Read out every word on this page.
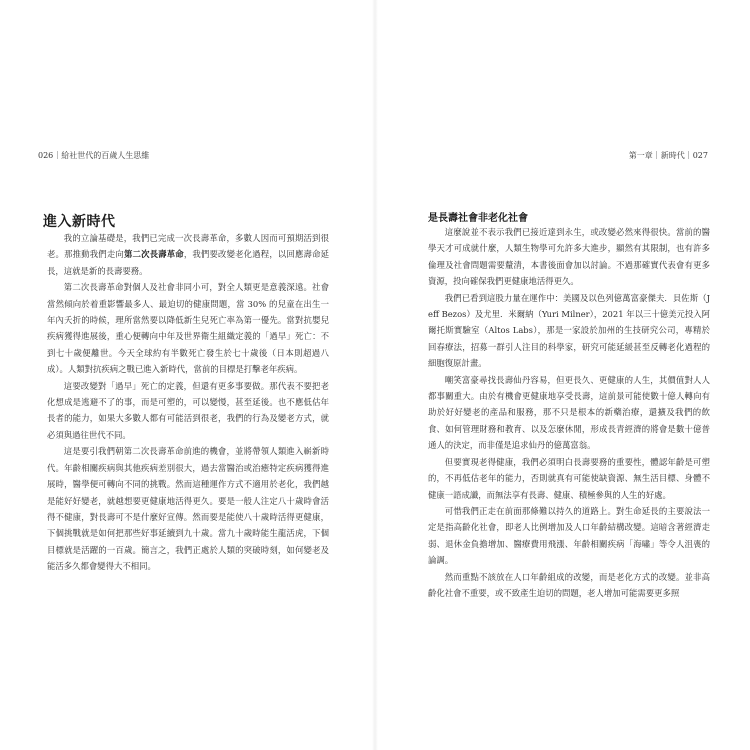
026｜給社世代的百歲人生思維
進入新時代

我的立論基礎是，我們已完成一次長壽革命，多數人因而可預期活到很老。那推動我們走向第二次長壽革命，我們要改變老化過程，以回應壽命延長，這就是新的長壽要務。

第二次長壽革命對個人及社會非同小可，對全人類更是意義深遠。社會當然傾向於着重影響最多人、最迫切的健康問題，當 30% 的兒童在出生一年內夭折的時候，理所當然要以降低新生兒死亡率為第一優先。當對抗嬰兒疾病獲得進展後，重心便轉向中年及世界衛生組織定義的「過早」死亡：不到七十歲便離世。今天全球約有半數死亡發生於七十歲後（日本則超過八成）。人類對抗疾病之戰已進入新時代，當前的目標是打擊老年疾病。

這要改變對「過早」死亡的定義，但還有更多事要做。那代表不要把老化想成是逃避不了的事，而是可塑的，可以變慢，甚至延後。也不應低估年長者的能力，如果大多數人都有可能活到很老，我們的行為及變老方式，就必須與過往世代不同。

這是要引我們朝第二次長壽革命前進的機會，並將帶領人類進入嶄新時代。年齡相關疾病與其他疾病差別很大，過去當醫治或治癒特定疾病獲得進展時，醫學便可轉向不同的挑戰。然而這種運作方式不適用於老化，我們越是能好好變老，就越想要更健康地活得更久。要是一般人注定八十歲時會活得不健康，對長壽可不是什麼好宣傳。然而要是能使八十歲時活得更健康，下個挑戰就是如何把那些好事延續到九十歲。當九十歲時能生龍活虎，下個目標就是活躍的一百歲。簡言之，我們正處於人類的突破時刻，如何變老及能活多久都會變得大不相同。

第一章｜新時代｜027
是長壽社會非老化社會

這麼說並不表示我們已接近達到永生，或改變必然來得很快。當前的醫學天才可成就什麼，人類生物學可允許多大進步，顯然有其限制，也有許多倫理及社會問題需要釐清，本書後面會加以討論。不過那確實代表會有更多資源，投向確保我們更健康地活得更久。

我們已看到這股力量在運作中：美國及以色列億萬富豪傑夫．貝佐斯（Jeff Bezos）及尤里．米爾納（Yuri Milner），2021 年以三十億美元投入阿爾托斯實驗室（Altos Labs），那是一家設於加州的生技研究公司，專精於回春療法，招募一群引人注目的科學家，研究可能延緩甚至反轉老化過程的細胞復原計畫。

嘲笑富豪尋找長壽仙丹容易，但更長久、更健康的人生，其價值對人人都事關重大。由於有機會更健康地享受長壽，這前景可能使數十億人轉向有助於好好變老的產品和服務，那不只是根本的新藥治療，還擴及我們的飲食、如何管理財務和教育、以及怎麼休閒，形成長青經濟的將會是數十億普通人的決定，而非僅是追求仙丹的億萬富翁。

但要實現老得健康，我們必須明白長壽要務的重要性，體認年齡是可塑的，不再低估老年的能力，否則就真有可能使缺資源、無生活目標、身體不健康一語成讖，而無法享有長壽、健康、積極參與的人生的好處。

可惜我們正走在前面那條難以持久的道路上。對生命延長的主要說法一定是指高齡化社會，即老人比例增加及人口年齡結構改變。這暗含著經濟走弱、退休金負擔增加、醫療費用飛漲、年齡相關疾病「海嘯」等令人沮喪的論調。

然而重點不該放在人口年齡組成的改變，而是老化方式的改變。並非高齡化社會不重要，或不致產生迫切的問題，老人增加可能需要更多照
